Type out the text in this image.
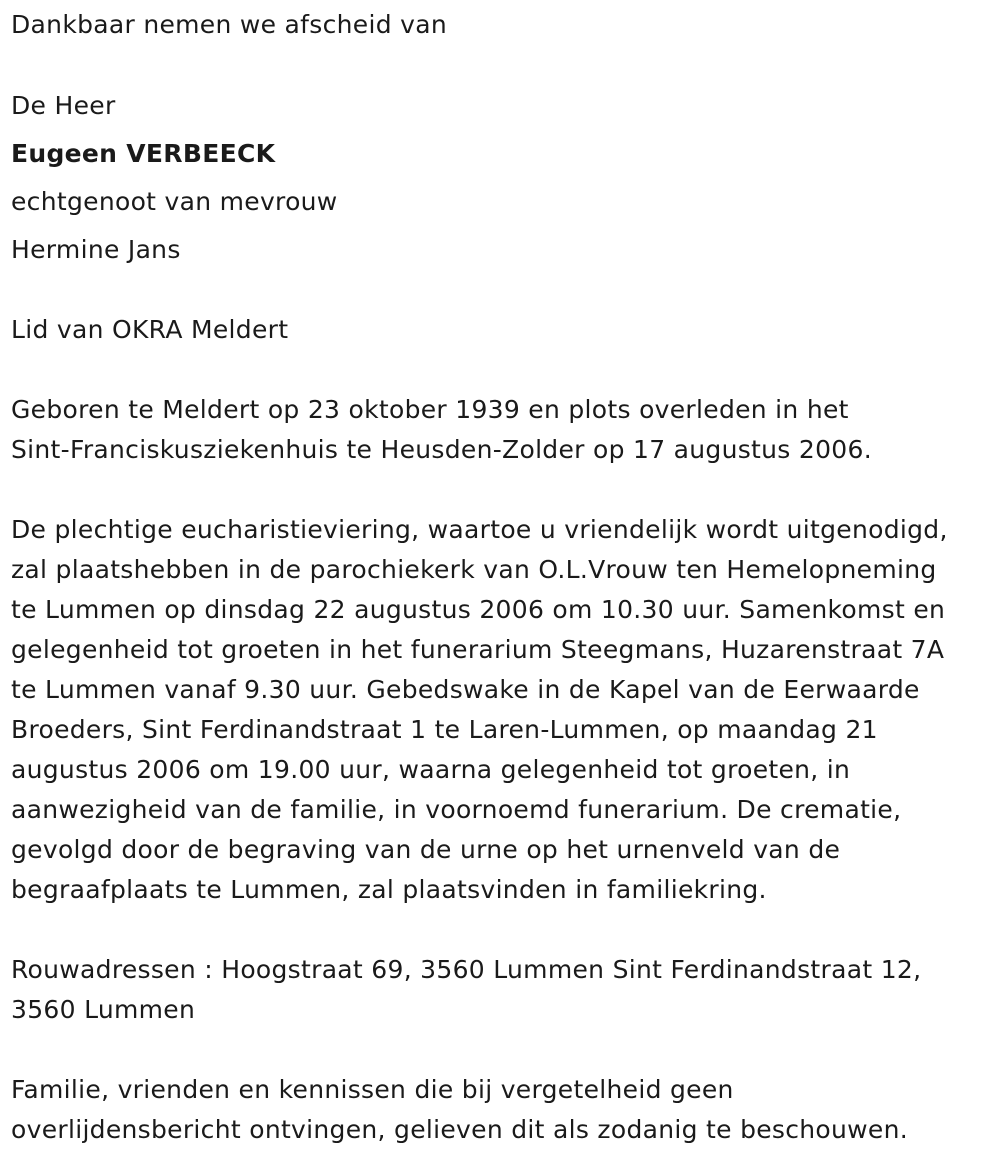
Dankbaar nemen we afscheid van
De Heer
Eugeen VERBEECK
echtgenoot van mevrouw
Hermine Jans
Lid van OKRA Meldert
Geboren te Meldert op 23 oktober 1939 en plots overleden in het
Sint-Franciskusziekenhuis te Heusden-Zolder op 17 augustus 2006.
De plechtige eucharistieviering, waartoe u vriendelijk wordt uitgenodigd,
zal plaatshebben in de parochiekerk van O.L.Vrouw ten Hemelopneming
te Lummen op dinsdag 22 augustus 2006 om 10.30 uur. Samenkomst en
gelegenheid tot groeten in het funerarium Steegmans, Huzarenstraat 7A
te Lummen vanaf 9.30 uur. Gebedswake in de Kapel van de Eerwaarde
Broeders, Sint Ferdinandstraat 1 te Laren-Lummen, op maandag 21
augustus 2006 om 19.00 uur, waarna gelegenheid tot groeten, in
aanwezigheid van de familie, in voornoemd funerarium. De crematie,
gevolgd door de begraving van de urne op het urnenveld van de
begraafplaats te Lummen, zal plaatsvinden in familiekring.
Rouwadressen : Hoogstraat 69, 3560 Lummen Sint Ferdinandstraat 12,
3560 Lummen
Familie, vrienden en kennissen die bij vergetelheid geen
overlijdensbericht ontvingen, gelieven dit als zodanig te beschouwen.
